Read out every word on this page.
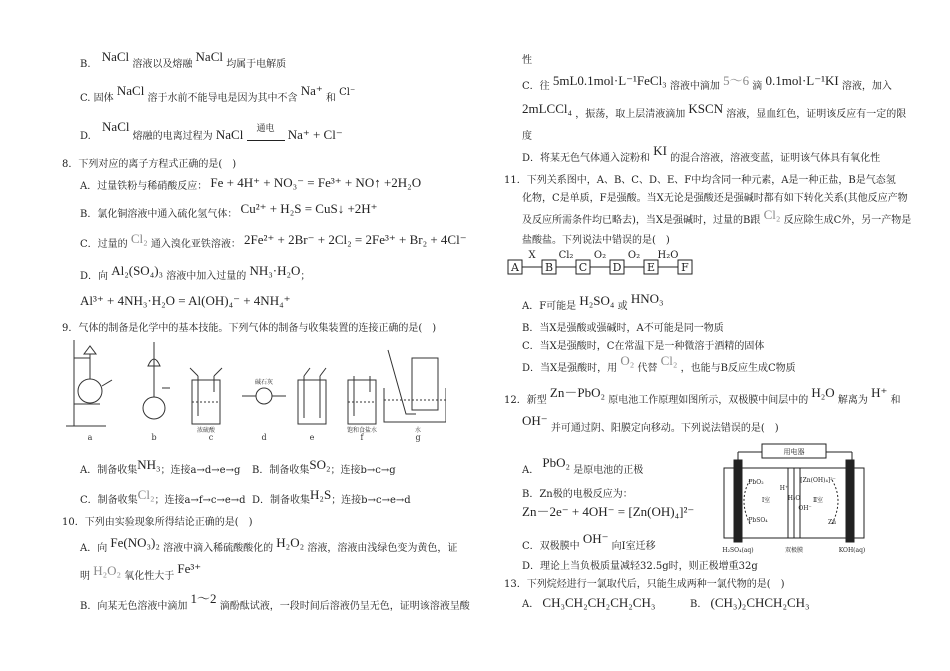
B. NaCl 溶液以及熔融 NaCl 均属于电解质
C. 固体 NaCl 溶于水前不能导电是因为其中不含 Na⁺ 和 Cl⁻
D. NaCl 熔融的电离过程为 NaCl 通电 Na⁺ + Cl⁻
8．下列对应的离子方程式正确的是(　)
A．过量铁粉与稀硝酸反应： Fe + 4H⁺ + NO₃⁻ = Fe³⁺ + NO↑ +2H₂O
B．氯化铜溶液中通入硫化氢气体： Cu²⁺ + H₂S = CuS↓ +2H⁺
C．过量的 Cl₂ 通入溴化亚铁溶液： 2Fe²⁺ + 2Br⁻ + 2Cl₂ = 2Fe³⁺ + Br₂ + 4Cl⁻
D．向 Al₂(SO₄)₃ 溶液中加入过量的 NH₃·H₂O；
Al³⁺ + 4NH₃·H₂O = Al(OH)₄⁻ + 4NH₄⁺
9．气体的制备是化学中的基本技能。下列气体的制备与收集装置的连接正确的是(　)
c
a	b	d	e	f	g
浓硫酸
碱石灰
饱和食盐水	水
A．制备收集NH₃；连接a→d→e→g B．制备收集SO₂；连接b→c→g
C．制备收集Cl₂；连接a→f→c→e→d D．制备收集H₂S；连接b→c→e→d
10．下列由实验现象所得结论正确的是(　)
A．向 Fe(NO₃)₂ 溶液中滴入稀硫酸酸化的 H₂O₂ 溶液，溶液由浅绿色变为黄色，证
明 H₂O₂ 氧化性大于 Fe³⁺
B．向某无色溶液中滴加 1～2 滴酚酞试液，一段时间后溶液仍呈无色，证明该溶液呈酸
性
C．往 5mL0.1mol·L⁻¹FeCl₃ 溶液中滴加 5～6 滴 0.1mol·L⁻¹KI 溶液，加入
2mLCCl₄ ，振荡，取上层清液滴加 KSCN 溶液，显血红色，证明该反应有一定的限
度
D．将某无色气体通入淀粉和 KI 的混合溶液，溶液变蓝，证明该气体具有氧化性
11．下列关系图中，A、B、C、D、E、F中均含同一种元素，A是一种正盐，B是气态氢
化物，C是单质，F是强酸。当X无论是强酸还是强碱时都有如下转化关系(其他反应产物
及反应所需条件均已略去)，当X是强碱时，过量的B跟 Cl₂ 反应除生成C外，另一产物是
盐酸盐。下列说法中错误的是(　)
A
X
B
Cl₂
C
O₂
D
O₂
E
H₂O
F
A．F可能是 H₂SO₄ 或 HNO₃
B．当X是强酸或强碱时，A不可能是同一物质
C．当X是强酸时，C在常温下是一种微溶于酒精的固体
D．当X是强酸时，用 O₂ 代替 Cl₂ ，也能与B反应生成C物质
12．新型 Zn－PbO₂ 原电池工作原理如图所示，双极膜中间层中的 H₂O 解离为 H⁺ 和
OH⁻ 并可通过阴、阳膜定向移动。下列说法错误的是(　)
A． PbO₂ 是原电池的正极
B．Zn极的电极反应为：
Zn－2e⁻ + 4OH⁻ = [Zn(OH)₄]²⁻
C．双极膜中 OH⁻ 向Ⅰ室迁移
D．理论上当负极质量减轻32.5g时，则正极增重32g
用电器
PbO₂
Ⅰ室
PbSO₄
[Zn(OH)₄]²⁻
Ⅱ室
Zn
H⁺
H₂O
OH⁻
H₂SO₄(aq)	双极膜	KOH(aq)
13．下列烷烃进行一氯取代后，只能生成两种一氯代物的是(　)
A． CH₃CH₂CH₂CH₂CH₃	B． (CH₃)₂CHCH₂CH₃
